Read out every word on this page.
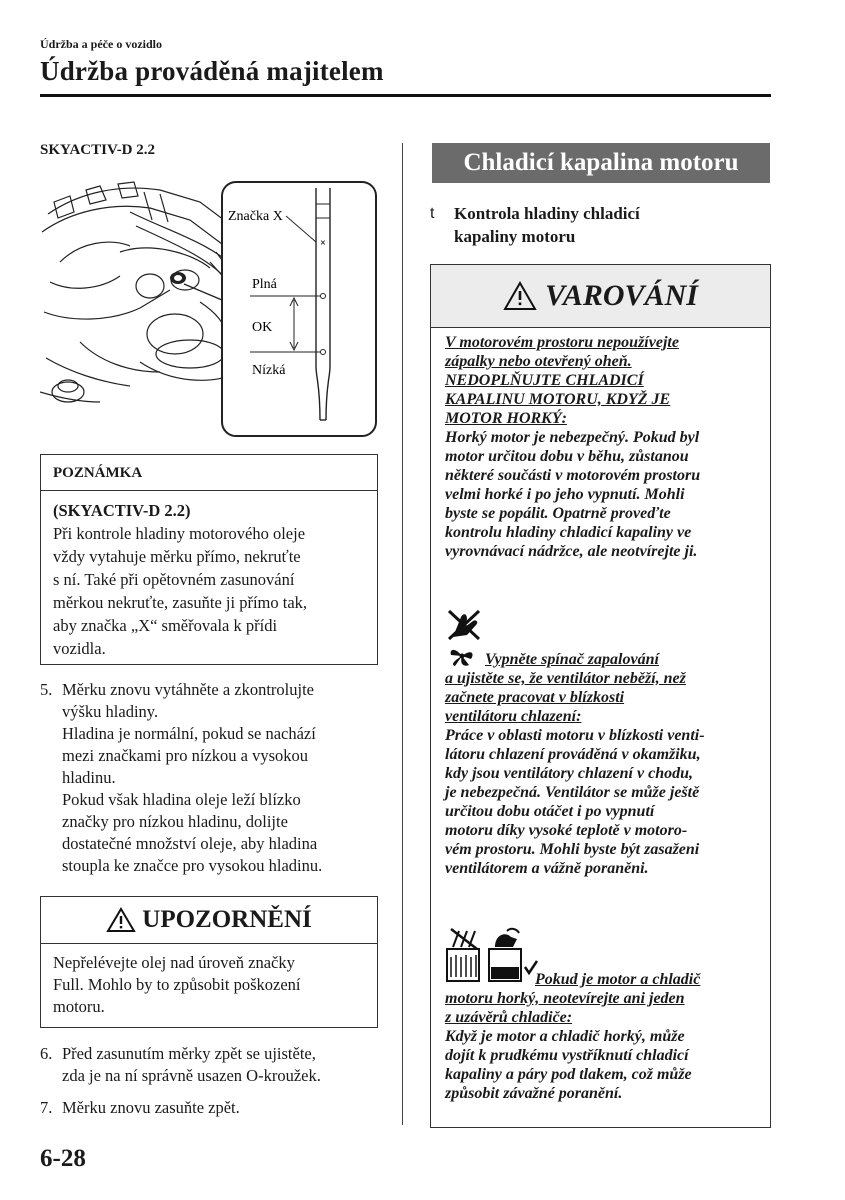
Údržba a péče o vozidlo
Údržba prováděná majitelem
SKYACTIV-D 2.2
×
Značka X
Plná
OK
Nízká
POZNÁMKA
(SKYACTIV-D 2.2)
Při kontrole hladiny motorového oleje
vždy vytahuje měrku přímo, nekruťte
s ní. Také při opětovném zasunování
měrkou nekruťte, zasuňte ji přímo tak,
aby značka „X“ směřovala k přídi
vozidla.
5. Měrku znovu vytáhněte a zkontrolujte
výšku hladiny.
Hladina je normální, pokud se nachází
mezi značkami pro nízkou a vysokou
hladinu.
Pokud však hladina oleje leží blízko
značky pro nízkou hladinu, dolijte
dostatečné množství oleje, aby hladina
stoupla ke značce pro vysokou hladinu.
UPOZORNĚNÍ
Nepřelévejte olej nad úroveň značky
Full. Mohlo by to způsobit poškození
motoru.
6. Před zasunutím měrky zpět se ujistěte,
zda je na ní správně usazen O-kroužek.
7. Měrku znovu zasuňte zpět.
Chladicí kapalina motoru
t	Kontrola hladiny chladicí
kapaliny motoru
VAROVÁNÍ
V motorovém prostoru nepoužívejte
zápalky nebo otevřený oheň.
NEDOPLŇUJTE CHLADICÍ
KAPALINU MOTORU, KDYŽ JE
MOTOR HORKÝ:
Horký motor je nebezpečný. Pokud byl
motor určitou dobu v běhu, zůstanou
některé součásti v motorovém prostoru
velmi horké i po jeho vypnutí. Mohli
byste se popálit. Opatrně proveďte
kontrolu hladiny chladicí kapaliny ve
vyrovnávací nádržce, ale neotvírejte ji.
Vypněte spínač zapalování
a ujistěte se, že ventilátor neběží, než
začnete pracovat v blízkosti
ventilátoru chlazení:
Práce v oblasti motoru v blízkosti venti-
látoru chlazení prováděná v okamžiku,
kdy jsou ventilátory chlazení v chodu,
je nebezpečná. Ventilátor se může ještě
určitou dobu otáčet i po vypnutí
motoru díky vysoké teplotě v motoro-
vém prostoru. Mohli byste být zasaženi
ventilátorem a vážně poraněni.
Pokud je motor a chladič
motoru horký, neotevírejte ani jeden
z uzávěrů chladiče:
Když je motor a chladič horký, může
dojít k prudkému vystříknutí chladicí
kapaliny a páry pod tlakem, což může
způsobit závažné poranění.
6-28
